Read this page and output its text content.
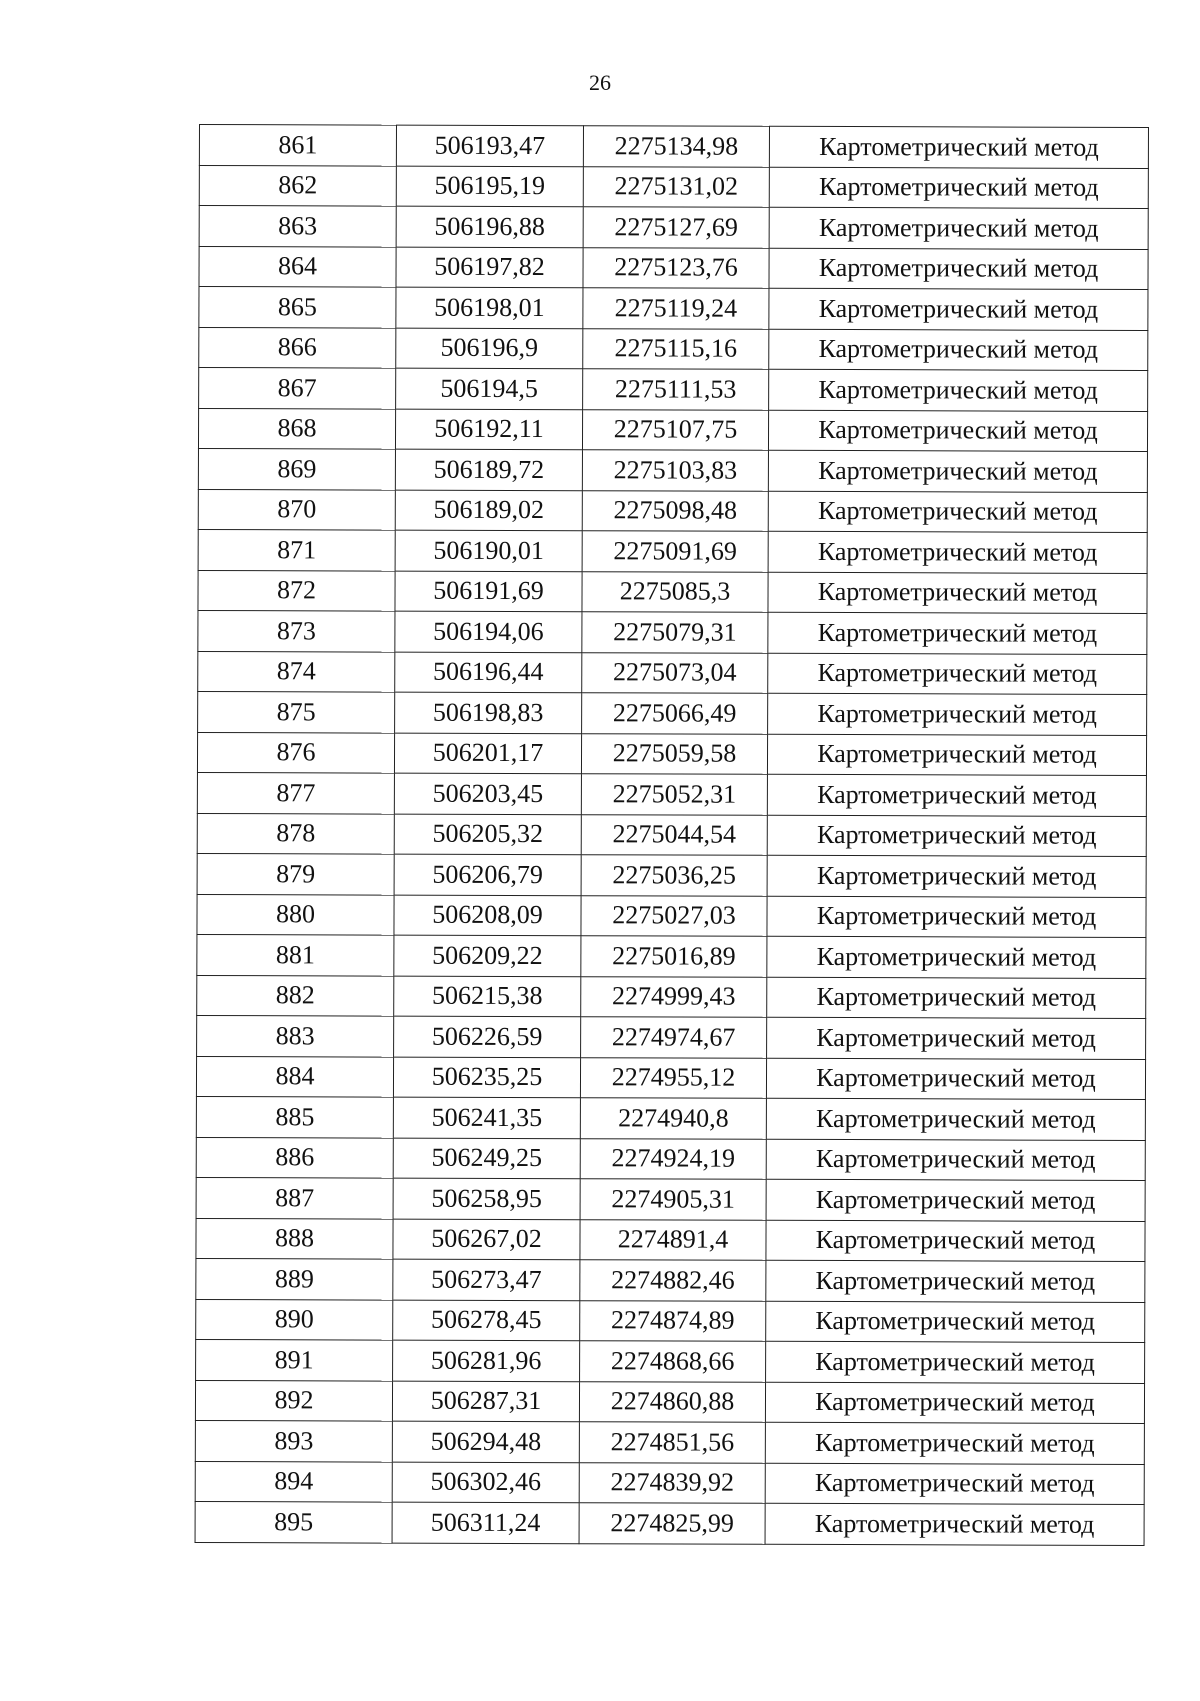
26
861	506193,47	2275134,98	Картометрический метод
862	506195,19	2275131,02	Картометрический метод
863	506196,88	2275127,69	Картометрический метод
864	506197,82	2275123,76	Картометрический метод
865	506198,01	2275119,24	Картометрический метод
866	506196,9	2275115,16	Картометрический метод
867	506194,5	2275111,53	Картометрический метод
868	506192,11	2275107,75	Картометрический метод
869	506189,72	2275103,83	Картометрический метод
870	506189,02	2275098,48	Картометрический метод
871	506190,01	2275091,69	Картометрический метод
872	506191,69	2275085,3	Картометрический метод
873	506194,06	2275079,31	Картометрический метод
874	506196,44	2275073,04	Картометрический метод
875	506198,83	2275066,49	Картометрический метод
876	506201,17	2275059,58	Картометрический метод
877	506203,45	2275052,31	Картометрический метод
878	506205,32	2275044,54	Картометрический метод
879	506206,79	2275036,25	Картометрический метод
880	506208,09	2275027,03	Картометрический метод
881	506209,22	2275016,89	Картометрический метод
882	506215,38	2274999,43	Картометрический метод
883	506226,59	2274974,67	Картометрический метод
884	506235,25	2274955,12	Картометрический метод
885	506241,35	2274940,8	Картометрический метод
886	506249,25	2274924,19	Картометрический метод
887	506258,95	2274905,31	Картометрический метод
888	506267,02	2274891,4	Картометрический метод
889	506273,47	2274882,46	Картометрический метод
890	506278,45	2274874,89	Картометрический метод
891	506281,96	2274868,66	Картометрический метод
892	506287,31	2274860,88	Картометрический метод
893	506294,48	2274851,56	Картометрический метод
894	506302,46	2274839,92	Картометрический метод
895	506311,24	2274825,99	Картометрический метод
